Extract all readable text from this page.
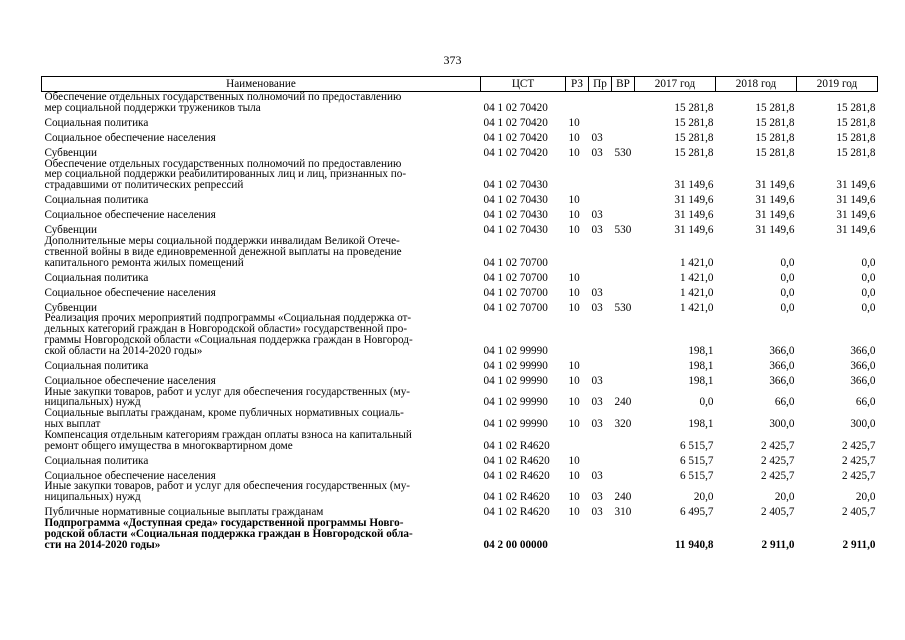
373
Наименование	ЦСТ	РЗ	Пр	ВР	2017 год	2018 год	2019 год

Обеспечение отдельных государственных полномочий по предоставлению
мер социальной поддержки тружеников тыла	04 1 02 70420				15 281,8	15 281,8	15 281,8

Социальная политика	04 1 02 70420	10			15 281,8	15 281,8	15 281,8

Социальное обеспечение населения	04 1 02 70420	10	03		15 281,8	15 281,8	15 281,8

Субвенции	04 1 02 70420	10	03	530	15 281,8	15 281,8	15 281,8

Обеспечение отдельных государственных полномочий по предоставлению
мер социальной поддержки реабилитированных лиц и лиц, признанных по-
страдавшими от политических репрессий	04 1 02 70430				31 149,6	31 149,6	31 149,6

Социальная политика	04 1 02 70430	10			31 149,6	31 149,6	31 149,6

Социальное обеспечение населения	04 1 02 70430	10	03		31 149,6	31 149,6	31 149,6

Субвенции	04 1 02 70430	10	03	530	31 149,6	31 149,6	31 149,6

Дополнительные меры социальной поддержки инвалидам Великой Отече-
ственной войны в виде единовременной денежной выплаты на проведение
капитального ремонта жилых помещений	04 1 02 70700				1 421,0	0,0	0,0

Социальная политика	04 1 02 70700	10			1 421,0	0,0	0,0

Социальное обеспечение населения	04 1 02 70700	10	03		1 421,0	0,0	0,0

Субвенции	04 1 02 70700	10	03	530	1 421,0	0,0	0,0

Реализация прочих мероприятий подпрограммы «Социальная поддержка от-
дельных категорий граждан в Новгородской области» государственной про-
граммы Новгородской области «Социальная поддержка граждан в Новгород-
ской области на 2014-2020 годы»	04 1 02 99990				198,1	366,0	366,0

Социальная политика	04 1 02 99990	10			198,1	366,0	366,0

Социальное обеспечение населения	04 1 02 99990	10	03		198,1	366,0	366,0

Иные закупки товаров, работ и услуг для обеспечения государственных (му-
ниципальных) нужд	04 1 02 99990	10	03	240	0,0	66,0	66,0

Социальные выплаты гражданам, кроме публичных нормативных социаль-
ных выплат	04 1 02 99990	10	03	320	198,1	300,0	300,0

Компенсация отдельным категориям граждан оплаты взноса на капитальный
ремонт общего имущества в многоквартирном доме	04 1 02 R4620				6 515,7	2 425,7	2 425,7

Социальная политика	04 1 02 R4620	10			6 515,7	2 425,7	2 425,7

Социальное обеспечение населения	04 1 02 R4620	10	03		6 515,7	2 425,7	2 425,7

Иные закупки товаров, работ и услуг для обеспечения государственных (му-
ниципальных) нужд	04 1 02 R4620	10	03	240	20,0	20,0	20,0

Публичные нормативные социальные выплаты гражданам	04 1 02 R4620	10	03	310	6 495,7	2 405,7	2 405,7

Подпрограмма «Доступная среда» государственной программы Новго-
родской области «Социальная поддержка граждан в Новгородской обла-
сти на 2014-2020 годы»	04 2 00 00000				11 940,8	2 911,0	2 911,0
